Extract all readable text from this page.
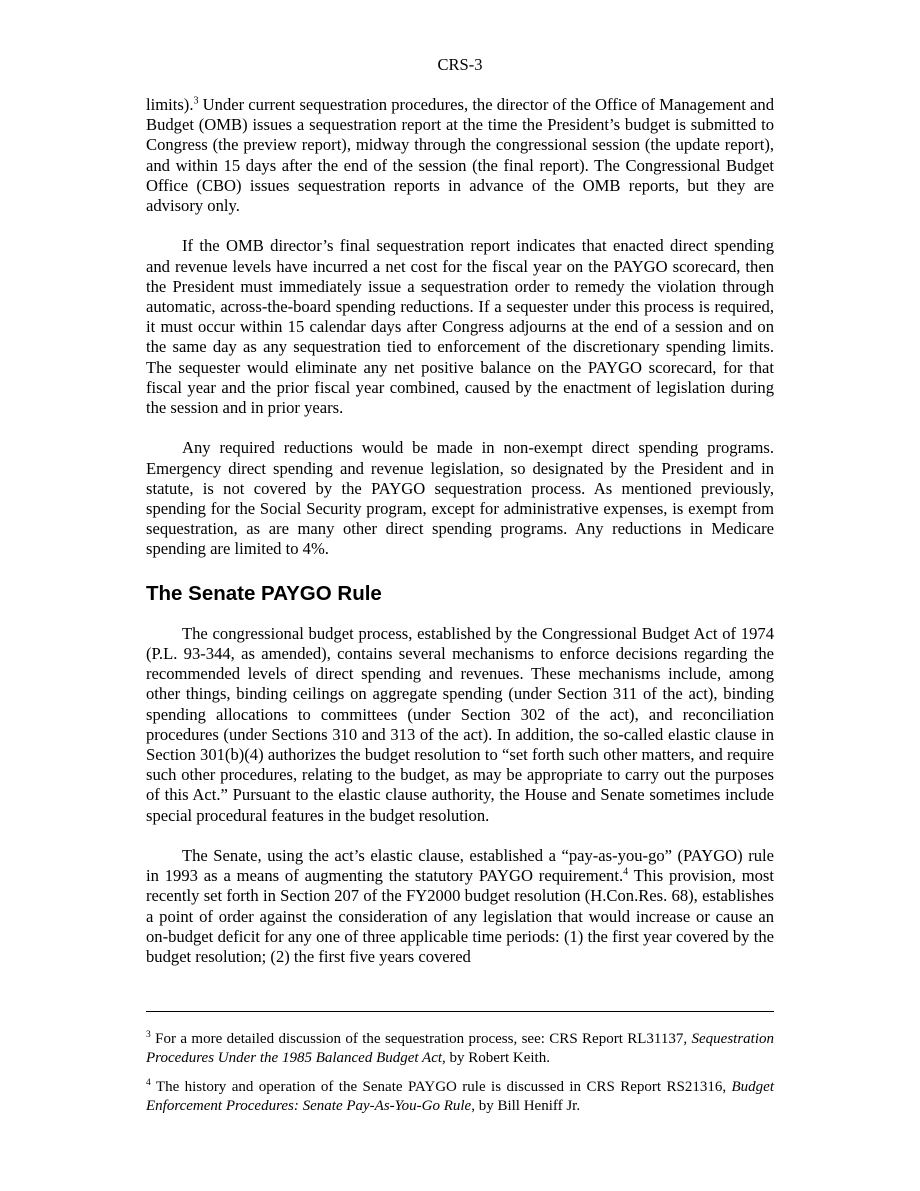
CRS-3

limits).$^3$ Under current sequestration procedures, the director of the Office of Management and Budget (OMB) issues a sequestration report at the time the President’s budget is submitted to Congress (the preview report), midway through the congressional session (the update report), and within 15 days after the end of the session (the final report). The Congressional Budget Office (CBO) issues sequestration reports in advance of the OMB reports, but they are advisory only.

If the OMB director’s final sequestration report indicates that enacted direct spending and revenue levels have incurred a net cost for the fiscal year on the PAYGO scorecard, then the President must immediately issue a sequestration order to remedy the violation through automatic, across-the-board spending reductions. If a sequester under this process is required, it must occur within 15 calendar days after Congress adjourns at the end of a session and on the same day as any sequestration tied to enforcement of the discretionary spending limits. The sequester would eliminate any net positive balance on the PAYGO scorecard, for that fiscal year and the prior fiscal year combined, caused by the enactment of legislation during the session and in prior years.

Any required reductions would be made in non-exempt direct spending programs. Emergency direct spending and revenue legislation, so designated by the President and in statute, is not covered by the PAYGO sequestration process. As mentioned previously, spending for the Social Security program, except for administrative expenses, is exempt from sequestration, as are many other direct spending programs. Any reductions in Medicare spending are limited to 4%.

The Senate PAYGO Rule

The congressional budget process, established by the Congressional Budget Act of 1974 (P.L. 93-344, as amended), contains several mechanisms to enforce decisions regarding the recommended levels of direct spending and revenues. These mechanisms include, among other things, binding ceilings on aggregate spending (under Section 311 of the act), binding spending allocations to committees (under Section 302 of the act), and reconciliation procedures (under Sections 310 and 313 of the act). In addition, the so-called elastic clause in Section 301(b)(4) authorizes the budget resolution to “set forth such other matters, and require such other procedures, relating to the budget, as may be appropriate to carry out the purposes of this Act.” Pursuant to the elastic clause authority, the House and Senate sometimes include special procedural features in the budget resolution.

The Senate, using the act’s elastic clause, established a “pay-as-you-go” (PAYGO) rule in 1993 as a means of augmenting the statutory PAYGO requirement.$^4$ This provision, most recently set forth in Section 207 of the FY2000 budget resolution (H.Con.Res. 68), establishes a point of order against the consideration of any legislation that would increase or cause an on-budget deficit for any one of three applicable time periods: (1) the first year covered by the budget resolution; (2) the first five years covered

$^3$ For a more detailed discussion of the sequestration process, see: CRS Report RL31137, Sequestration Procedures Under the 1985 Balanced Budget Act, by Robert Keith.

$^4$ The history and operation of the Senate PAYGO rule is discussed in CRS Report RS21316, Budget Enforcement Procedures: Senate Pay-As-You-Go Rule, by Bill Heniff Jr.
